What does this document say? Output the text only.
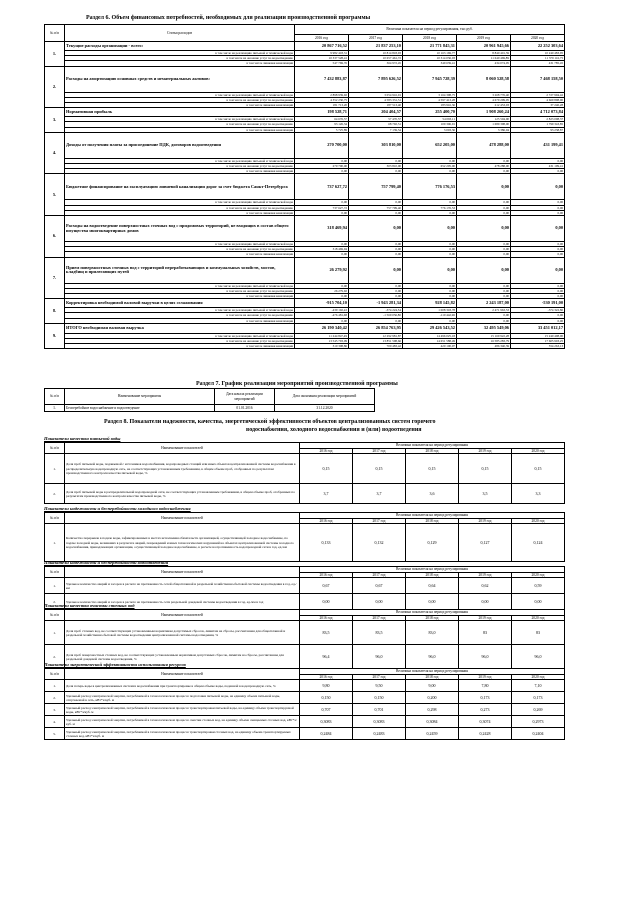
Раздел 6. Объем финансовых потребностей, необходимых для реализации производственной программы
№ п/п	Статьи расходов	Величина показателя на период регулирования, тыс.руб.				
		2016 год	2017 год	2018 год	2019 год	2020 год
1.	Текущие расходы организации - всего:	20 867 716,52	21 837 253,10	21 771 845,31	20 961 945,66	22 252 303,64
	в том числе на реализацию питьевой и технической воды	9 982 418,31	10 814 818,93	10 163 169,77	8 840 401,59	10 240 483,95
	в том числе на оказание услуг по водоотведению	10 337 528,41	10 657 461,72	10 314 036,03	11 640 469,89	11 379 116,75
	в том числе ливневая канализация	547 769,76	364 972,45	349 639,41	434 074,05	431 785,45
2.	Расходы на амортизацию основных средств и нематериальных активов:	7 432 883,87	7 895 626,52	7 945 728,39	8 060 528,58	7 468 158,50
	в том числе на реализацию питьевой и технической воды	2 898 939,92	3 054 916,91	3 164 398,75	3 268 776,40	2 727 994,42
	в том числе на оказание услуг по водоотведению	4 352 230,75	4 583 331,51	4 597 413,28	4 679 299,05	4 669 898,90
	в том числе ливневая канализация	181 713,20	187 513,40	183 916,36	212 453,03	37 240,28
3.	Нормативная прибыль	198 528,71	204 404,57	255 400,70	1 908 260,24	4 712 073,84
	в том числе на реализацию питьевой и технической воды	64 676,57	57 470,57	54 093,11	125 504,90	2 823 098,37
	в том числе на оказание услуг по водоотведению	93 126,34	68 792,51	109 306,91	1 689 398,00	1 799 343,85
	в том числе ливневая канализация	5 725,89	7 139,54	3 003,36	3 386,04	93 238,87
4.	Доходы от получения платы за присоединение ПДК, договоров водоотведения	270 700,00	303 810,00	652 205,00	478 288,00	431 199,41
	в том числе на реализацию питьевой и технической воды	0,00	0,00	0,00	0,00	0,00
	в том числе на оказание услуг по водоотведению	270 700,00	303 810,00	652 205,00	478 288,00	431 199,41
	в том числе ливневая канализация	0,00	0,00	0,00	0,00	0,00
5.	Бюджетное финансирование на эксплуатацию ливневой канализации дорог за счет бюджета Санкт-Петербурга	737 627,72	757 799,40	776 176,53	0,00	0,00
	в том числе на реализацию питьевой и технической воды	0,00	0,00	0,00	0,00	0,00
	в том числе на оказание услуг по водоотведению	737 627,72	757 799,40	776 176,53	0,00	0,00
	в том числе ливневая канализация	0,00	0,00	0,00	0,00	0,00
6.	Расходы на водоотведение поверхностных сточных вод с придомовых территорий, не входящих в состав общего имущества многоквартирных домов	318 469,94	0,00	0,00	0,00	0,00
	в том числе на реализацию питьевой и технической воды	0,00	0,00	0,00	0,00	0,00
	в том числе на оказание услуг по водоотведению	318 469,94	0,00	0,00	0,00	0,00
	в том числе ливневая канализация	0,00	0,00	0,00	0,00	0,00
7.	Прием поверхностных сточных вод с территорий переработывающих и коммунальных хозяйств, мостов, кладбищ и прилегающих путей	26 279,92	0,00	0,00	0,00	0,00
	в том числе на реализацию питьевой и технической воды	0,00	0,00	0,00	0,00	0,00
	в том числе на оказание услуг по водоотведению	26 279,92	0,00	0,00	0,00	0,00
	в том числе ливневая канализация	0,00	0,00	0,00	0,00	0,00
8.	Корректировка необходимой валовой выручки в целях сглаживания	-915 704,10	-1 943 281,34	928 145,82	2 243 187,00	-530 191,00
	в том числе на реализацию питьевой и технической воды	-439 192,22	-374 224,54	1 008 318,78	2 471 963,53	-374 322,80
	в том числе на оказание услуг по водоотведению	-476 481,68	-1 569 056,80	-110 442,96	0,00	0,00
	в том числе ливневая канализация	0,00	0,00	0,00	0,00	0,00
9.	ИТОГО необходимая валовая выручка	26 190 340,42	26 854 763,95	29 426 543,52	32 495 549,06	33 451 012,17
	в том числе на реализацию питьевой и технической воды	11 244 847,49	12 292 981,87	14 496 025,18	15 169 922,28	15 240 498,00
	в том числе на оказание услуг по водоотведению	13 545 793,09	13 851 598,66	14 651 588,49	16 585 283,79	17 605 903,25
	в том числе ливневая канализация	310 308,86	700 483,42	420 100,07	486 340,39	554 263,13
Раздел 7. График реализации мероприятий производственной программы
№ п/п	Наименование мероприятия	Дата начала реализации мероприятий	Дата окончания реализации мероприятий
1.	Бесперебойное водоснабжение и водоотведение	01.01.2016	31.12.2020
Раздел 8. Показатели надежности, качества, энергетической эффективности объектов централизованных систем горячего
водоснабжения, холодного водоснабжения и (или) водоотведения
Показатели качества питьевой воды
№ п/п	Наименование показателей	Величина показателя на период регулирования				
		2016 год	2017 год	2018 год	2019 год	2020 год
1.	Доля проб питьевой воды, подаваемой с источников водоснабжения, водопроводных станций или иных объектов централизованной системы водоснабжения в распределительную водопроводную сеть, не соответствующих установленным требованиям, в общем объеме проб, отобранных по результатам производственного контроля качества питьевой воды, %	0,15	0,15	0,15	0,15	0,15
2.	Доля проб питьевой воды в распределительной водопроводной сети, не соответствующих установленным требованиям, в общем объеме проб, отобранных по результатам производственного контроля качества питьевой воды, %	3,7	3,7	3,6	3,5	3,3
Показатели надежности и бесперебойности холодного водоснабжения
№ п/п	Наименование показателей	Величина показателя на период регулирования				
		2016 год	2017 год	2018 год	2019 год	2020 год
1.	Количество перерывов в подаче воды, зафиксированных в местах исполнения обязательств организацией, осуществляющей холодное водоснабжение, по подаче холодной воды, возникших в результате аварий, повреждений и иных технологических нарушений на объектах централизованной системы холодного водоснабжения, принадлежащих организации, осуществляющей холодное водоснабжение, в расчете на протяженность водопроводной сети в год, ед./км	0,133	0,132	0,129	0,127	0,124
Показатели надежности и бесперебойности водоотведения
№ п/п	Наименование показателей	Величина показателя на период регулирования				
		2016 год	2017 год	2018 год	2019 год	2020 год
1.	Удельное количество аварий и засоров в расчете на протяженность сетей общесплавной и раздельной хозяйственно-бытовой системы водоотведения в год, ед./км	0,67	0,67	0,64	0,62	0,59
2.	Удельное количество аварий и засоров в расчете на протяженность сети раздельной дождевой системы водоотведения в год, ед./км в год	0,00	0,00	0,00	0,00	0,00
Показатели качества очистки сточных вод
№ п/п	Наименование показателей	Величина показателя на период регулирования				
		2016 год	2017 год	2018 год	2019 год	2020 год
1.	Доля проб сточных вод, не соответствующих установленным нормативам допустимых сбросов, лимитам на сбросы, рассчитанная для общесплавной и раздельной хозяйственно-бытовой системы водоотведения централизованной системы водоотведения, %	83,5	83,5	83,0	83	83
2.	Доля проб поверхностных сточных вод, не соответствующих установленным нормативам допустимых сбросов, лимитам на сбросы, рассчитанная для раздельной дождевой системы водоотведения, %	96,4	96,0	96,0	96,0	96,0
Показатели энергетической эффективности использования ресурсов
№ п/п	Наименование показателей	Величина показателя на период регулирования				
		2016 год	2017 год	2018 год	2019 год	2020 год
1.	Доля потерь воды в централизованных системах водоснабжения при транспортировке в общем объеме воды, поданной в водопроводную сеть, %	9,80	9,50	9,00	7,80	7,10
2.	Удельный расход электрической энергии, потребляемой в технологическом процессе подготовки питьевой воды, на единицу объема питьевой воды, отпускаемой в сеть, кВт*ч/куб. м	0,150	0,150	0,200	0,173	0,173
3.	Удельный расход электрической энергии, потребляемой в технологическом процессе транспортировки питьевой воды, на единицу объема транспортируемой воды, кВт*ч/куб. м	0,707	0,701	0,298	0,273	0,269
4.	Удельный расход электрической энергии, потребляемой в технологическом процессе очистки сточных вод, на единицу объема очищаемых сточных вод, кВт*ч/куб. м	0,3083	0,3083	0,3084	0,3074	0,2973
5.	Удельный расход электрической энергии, потребляемой в технологическом процессе транспортировки сточных вод, на единицу объема транспортируемых сточных вод, кВт*ч/куб. м	0,2484	0,2483	0,2459	0,2428	0,2404
